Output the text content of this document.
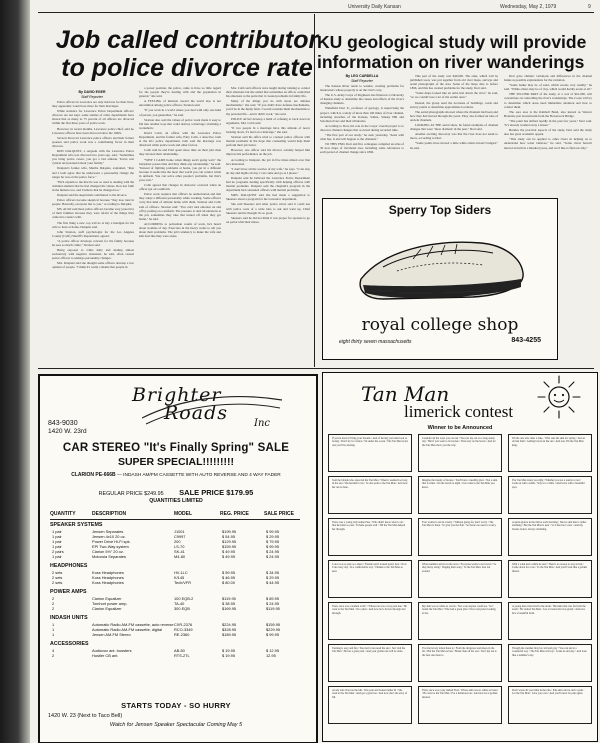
University Daily Kansan	Wednesday, May 2, 1979	9
Job called contributor to police divorce rate
By DAVID EGER
Staff Reporter

Police officers in Lawrence are only mad lost for their lives, they apparently would lose more for their marriages.

While statistics for Lawrence Police Department officers' divorces are not kept, some studies of other departments have shown that as many as 75 percent of all officers are divorced within the first three years of police work.

However, in recent months, Lawrence police chief, said no Lawrence officers have been divorced since the 1960s.

Several divorced Lawrence police officers and their former spouses said police work was a contributing factor in their divorces.

RON DALQUIST, a sergeant with the Lawrence Police Department who was divorced two years ago, said, "Sometimes you bring police career, you get a bad attitude. You're real cynical and paranoid about your family."

Dalquist's former wife, Martha Dalquist, explained, "Ron and I both agree that he underwent a personality change the longer he was on the police force."

"He'd explain to me that he was so used to dealing with the criminal element that he had changed his values. Ron lost faith in the human race, and I believe that he changed too."

Dalquist said the skepticism contributed to his divorce.

Police officers become skeptical because "they lose trust in people. Basically, everyone lies to you," according to Dalquist.

MS. ALSO said most police officers became very protective of their families because they were afraid of the things they came into contact with.

The first thing a new cop will do is buy a handgun for his wife to have at home, Dalquist said.

John Stratton, staff psychologist for the Los Angeles County (Calif.) Sheriff's Department, agreed.

"A police officer develops concern for his family because he sees so much crime," Stratton said.

Being exposed to crime daily and dealing almost exclusively with negative situations, he said, often caused police officers to undergo personality changes.

Mrs. Dalquist said she thought some officers develop a low opinion of people. "I think it's really a shame that people in

a power position, the police, came to have so little regard for the people they're dealing with and the population in general," she said.

A FEELING of mistrust toward the world also is not uncommon among police officers, Stratton said.

"If you work in a world where you deal with only one kind of person, you generalize," he said.

Stratton also said the values of police work made it easy to fall into another loop that could destroy a marriage: obtaining a workaholic.

David Cobb, an officer with the Lawrence Police Department, and his former wife, Patty Cobb, a detective, both at the KU police department, both said the marriage was dissolved while police work and other factors.

Cobb said he and Patti spent more time on their jobs than they devoted their relationship.

"WHY I CAME home when things aren't going well," the babysitter passes time and they think any relationship," he said. "Instead of fighting problems at home, you get in a different because it seems like the most that world you can control while in uniform. You can solve other people's problems, but that's your own."

Cobb agreed that changes in character occurred when an officer got on a uniform.

Police work requires that officers be authoritarian and that they adopt a different personality while working. Some officers carry that kind of attitude home with them, Stratton and Cobb said of officers. Stratton said: "You can't turn emotion on and off by putting on a uniform. The pressure to deal all emotions at the job, sometimes they take that turned off when they got home," he said.

ACCORDING to policeman counts of work, he's heard about troubles of day. Exercises in the heavy wants to tell you about their problems. The job's tendency to make the wife and kids feel like they were alone.

Mrs. Cobb said officers were taught during training to control their emotions but she added that sometimes an officer controlled his emotions to the point that it created problems in family life.

Many of the things you do with stress are defense mechanisms," she said. "If you didn't have defense mechanisms, you'd be in the funny farm. I would consider them mechanisms to my personal life—and it didn't work," she said.

POLICE ALSO develop a habit of refusing to back down in arguments, Mrs. Cobb said.

"If two people in a marriage have this attitude of never backing down, it's hard on a marriage," she said.

Stratton said his office tried to counsel police officers with marital problems in the hope that counseling would help them perform their job better.

However, one officer said his divorce actually helped him improve his performance on the job.

According to Dalquist, the job in five times mixed over that he's interested.

"I don't have all the worries of my wife," he says. "I can stay all day and nights all day. I can come and go as I please."

Dalquist said he believed the Lawrence Police Department had no programs dealing specifically with helping officers with marital problems. Dalquist said the chaplain's program in the department had counseled officers with marital problems.

MRS. DALQUIST said she had made a suggestion to Skeeters about a program for the Lawrence department.

She said Skeeters and other police wives said it could use with police costs of a wide idea to ask and went up, Chief Skeeters said he thought it's so good.

Skeeters said he did not think it was proper for spouses to go on patrol with their mates.

KU geological study will provide information on river wanderings
By LEO CARDELLA
Staff Reporter

The Kansas River tends to wander, creating problems for landowners whose property is on the river's way.

The U.S. Army Corps of Engineers has financed a University of Kansas study to determine the causes and effects of the river's changing channels.

Wakefield Dort Jr., professor of geology, is supervising the project, which is a study of more than 100 miles of river channel, including stretches of the Kansas, Saline, Smoky Hill and Solomon rivers and their tributaries.

According to Dort, his role in the Corps' overall project is to discover channel changes that occurred during recorded time.

"The first part of our study," he said, yesterday, "deals with what has, is and will happen to the channels."

TO THIS END, Dort and five colleagues compiled an atlas of 30 new maps of riverbend area, including some references to each period of channel change since 1866.

This part of the study cost $40,000. The atlas, which will be published soon, was put together from old river maps, surveys and aerial photographs of the area. Some of the maps date to before 1866, and this has created problems for the study, Dort said.

"Some maps looked like an artist had drawn the river," he said, "so we couldn't use a lot of the earlier ones."

Instead, the group used the locations of buildings, roads and survey points to determine approximate locations.

The aerial photographs showed where the channels had been and how they had moved through the years. They also formed an idea of ancient channels.

LOOKING AT THE aerial shots, he found examples of channel changes that were "most dramatic in the past," Dort said.

Another exciting discovery was that the river does not seem to move, according to Dort.

"Some points have moved a mile while others haven't budged," he said.

Dort gave climatic variations and differences in the channel banks as possible explanations for the variation.

"Some banks may be of sand, which erodes very readily," he said. "While others may be of clay, which would hardly erode at all."

THE SECOND PART of the study, at a cost of $61,000, will concentrate on controlling the river's wanderings. The Corps will try to determine which areas need immediate attention and how to control them.

The sore area is the Kimbell Bend, also known as Weaver Bottoms, just downstream from the Bowersock Bridge.

"The point has shifted rapidly in the past few years," Dort said. "It's already washed away a house."

Besides the practical aspects of the study, Dort said the study also has great academic appeal.

"This study can be applied to other rivers in helping us to understand how water behaves," he said. "Some rivers haven't moved an inch in a hundred years, and we'd like to find out why."

Sperry Top Siders
royal college shop
eight thirty seven massachusetts	843-4255
843-9030
1420 W. 23rd
Brighter
Roads	Inc
CAR STEREO "It's Finally Spring" SALE
SUPER SPECIAL!!!!!!!!!
CLARION PE-666B — INDASH AM/FM CASSETTE WITH AUTO REVERSE AND 4 WAY FADER
REGULAR PRICE $249.95 SALE PRICE $179.95
QUANTITIES LIMITED
QUANTITY	DESCRIPTION	MODEL	REG. PRICE	SALE PRICE
SPEAKER SYSTEMS
1 pair	Jensen Separates	J1001	$199.95	$ 99.95
1 pair	Jensen 4x10 20 oz.	C9997	$ 54.95	$ 29.95
1 pair	Power Drive Hi-Fi spk.	200	$129.95	$ 79.95
1 pair	EPI Two-Way system	LS-70	$159.95	$ 99.95
2 pairs	Clarion 5½" 20 oz.	SK-41	$ 49.95	$ 24.95
1 pair	Motorola Separates	M4-80	$ 49.95	$ 24.95
HEADPHONES
2 sets	Koss Headphones	HV-1LC	$ 59.95	$ 34.95
2 sets	Koss Headphones	K/145	$ 46.95	$ 29.95
2 sets	Koss Headphones	Tech/VFR	$ 80.00	$ 44.95
POWER AMPS
2	Clarion Equalizer	100 EQB-2	$119.95	$ 89.95
2	Tomhort power amp.	TA-40	$ 38.95	$ 24.95
2	Clarion Equalizer	300 EQB	$169.95	$119.95
INDASH UNITS
1	Automatic Radio AM-FM cassette, auto reverse CXR-2376	$224.95	$159.95
1	Automatic Radio AM-FM cassette, digital	RCO-3349	$328.95	$229.95
1	Jensen AM-FM Stereo	RE-2360	$189.95	$ 99.95
ACCESSORIES
4	Audiovox ant. boosters	AB-50	$ 19.95	$ 12.95
2	Hustler CB ant.	RTS-2TL	$ 19.95	12.95
STARTS TODAY - SO HURRY
1420 W. 23 (Next to Taco Bell)
Watch for Jensen Speaker Spectacular Coming May 5
Tan Man
limerick contest
Winner to be Announced
If you're tired of living your dreams / And of having your skin look so boring / Don't fry in a lotion / Sit under the ocean / The Tan Man is the one you'll be adoring.
Consider all the ways you can tan / You can lay out on a long sunny day / But if you want to be bronze / Then stay on the lawns / And let the Tan Man show you the way.
I'm the one who rides a bike, / Who tans his skin for spring / Just an old ski bum / Getting brown in the sun / And now I'm the Tan Man king.
Said the blonde who expected the Tan Man / When it seemed too long in the sun / She hurried to tan / So she went to the Tan Man / And now her tan is done.
Imagine the beauty of bronze / You'll have a healthy glow / Not a skin that is white / On the beach at night / Just come to the Tan Man you know.
The Tan Man treats you right / Whether you are a tourist or not / Come in with a smile / Stay for a while / And leave with a beautiful spot.
There was a young lady named Sue / Who didn't know what to do / She had skin so pale / It made people wail / Till the Tan Man helped her through.
Ever wanted a tan in a hurry / Without going far, don't worry / The Tan Man is there / To give you the flair / So there's no need to scurry.
A quick glance in the mirror each morning / Shows skin that is rather alarming / But the Tan Man is near / So I shed not a tear / And my bronze look is always charming.
I once was as pale as a sheet / Friends said I looked pretty beat / Now I tan every day / In a comfortable way / Thanks to the Tan Man so neat.
When summer arrives in the town / Everyone wants to be brown / So they hurry along / Singing their song / To the Tan Man, best tan around.
With a wink and a smile he said / There's no reason to stay in bed / Come down for a tan / To the Tan Man / And you'll look like a golden thread.
There once was a student at KU / Whose tan was a very pale hue / He went to the Tan Man / On a plan / And now he is brown through and through.
My skin was as white as can be / Not a tan anyone could see / So I found the Tan Man / Who had a great plan / Now everyone's looking at me.
A young man who lived in the dorm / Had skin that was far from the norm / He visited Tan Man / Got a bronze that was grand / And now he's a beautiful form.
Tanning is easy and fun / You don't even need the sun / Just visit the Tan Man / He has a great plan / And your golden tan will be done.
I've tried every lotion there is / From the drugstore and shops in the biz / But the Tan Man is best / Better than all the rest / Now my tan is the best one there is.
Though the weather may be cold and gray / You can tan in a wonderful way / The Tan Man will say / Come in and stay / And look like a summer's day.
A lady who lived on the hill / Was pale and looked rather ill / She went to the Tan Man / And got a great tan / And now she's the envy of Jill.
There once was a guy named Fred / Whose skin was as white as bread / He went to the Tan Man / For a luxurious tan / And now he is golden instead.
Don't waste all your time in the rain / Pale skin can be such a pain / Let the Tan Man / Give you a tan / And you'll never be pale again.
